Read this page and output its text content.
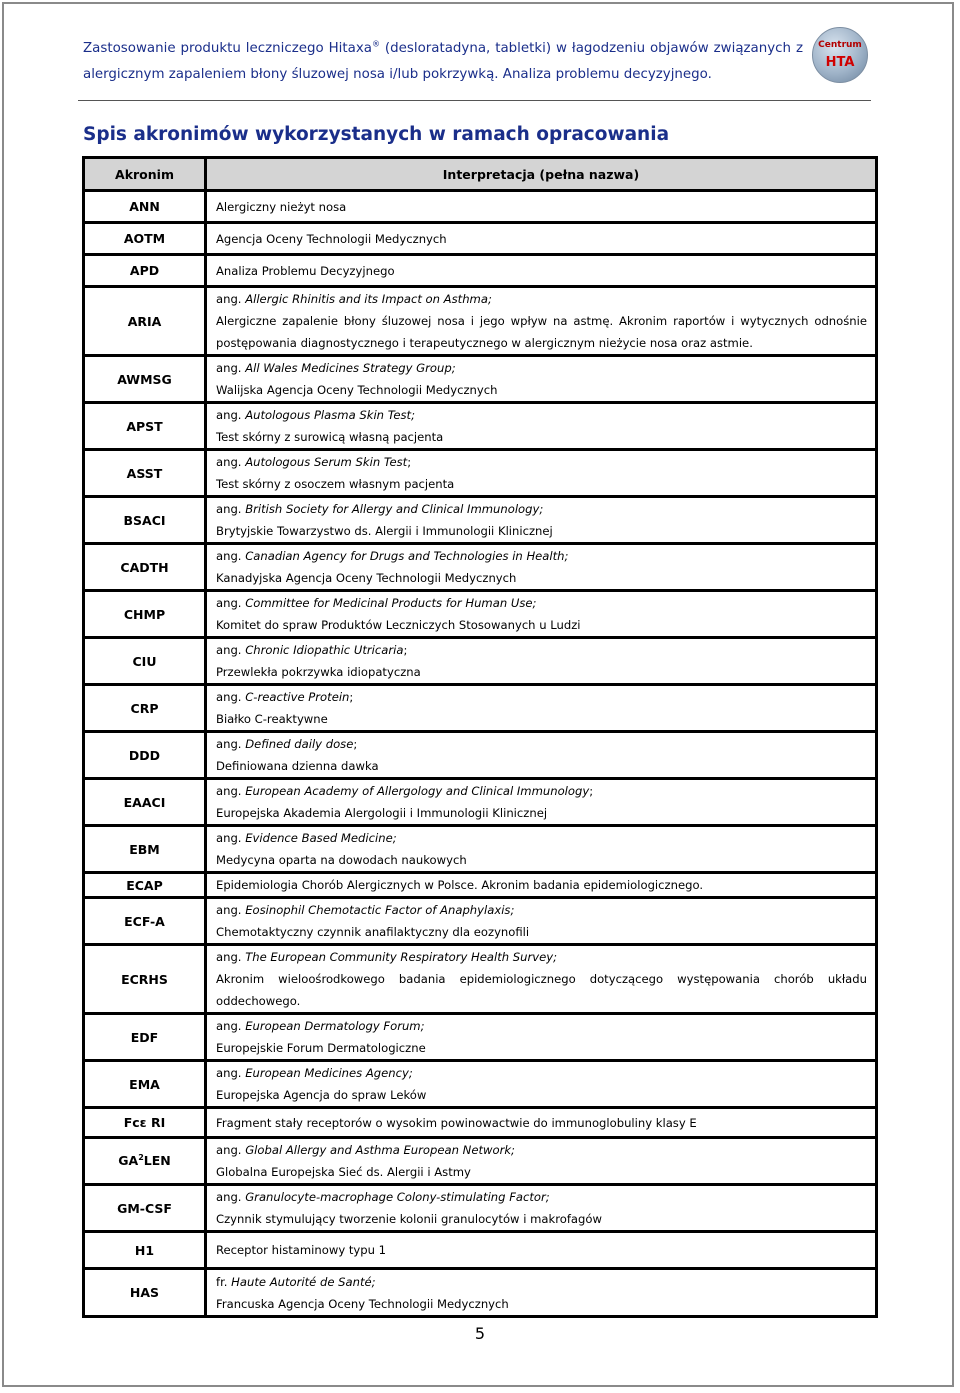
Zastosowanie produktu leczniczego Hitaxa® (desloratadyna, tabletki) w łagodzeniu objawów związanych z alergicznym zapaleniem błony śluzowej nosa i/lub pokrzywką. Analiza problemu decyzyjnego.
Centrum
HTA
Spis akronimów wykorzystanych w ramach opracowania
Akronim	Interpretacja (pełna nazwa)
ANN	Alergiczny nieżyt nosa

AOTM	Agencja Oceny Technologii Medycznych

APD	Analiza Problemu Decyzyjnego

ARIA	ang. Allergic Rhinitis and its Impact on Asthma;
Alergiczne zapalenie błony śluzowej nosa i jego wpływ na astmę. Akronim raportów i wytycznych odnośnie postępowania diagnostycznego i terapeutycznego w alergicznym nieżycie nosa oraz astmie.

AWMSG	ang. All Wales Medicines Strategy Group;
Walijska Agencja Oceny Technologii Medycznych

APST	ang. Autologous Plasma Skin Test;
Test skórny z surowicą własną pacjenta

ASST	ang. Autologous Serum Skin Test;
Test skórny z osoczem własnym pacjenta

BSACI	ang. British Society for Allergy and Clinical Immunology;
Brytyjskie Towarzystwo ds. Alergii i Immunologii Klinicznej

CADTH	ang. Canadian Agency for Drugs and Technologies in Health;
Kanadyjska Agencja Oceny Technologii Medycznych

CHMP	ang. Committee for Medicinal Products for Human Use;
Komitet do spraw Produktów Leczniczych Stosowanych u Ludzi

CIU	ang. Chronic Idiopathic Utricaria;
Przewlekła pokrzywka idiopatyczna

CRP	ang. C-reactive Protein;
Białko C-reaktywne

DDD	ang. Defined daily dose;
Definiowana dzienna dawka

EAACI	ang. European Academy of Allergology and Clinical Immunology;
Europejska Akademia Alergologii i Immunologii Klinicznej

EBM	ang. Evidence Based Medicine;
Medycyna oparta na dowodach naukowych

ECAP	Epidemiologia Chorób Alergicznych w Polsce. Akronim badania epidemiologicznego.

ECF-A	ang. Eosinophil Chemotactic Factor of Anaphylaxis;
Chemotaktyczny czynnik anafilaktyczny dla eozynofili

ECRHS	ang. The European Community Respiratory Health Survey;
Akronim wieloośrodkowego badania epidemiologicznego dotyczącego występowania chorób układu oddechowego.

EDF	ang. European Dermatology Forum;
Europejskie Forum Dermatologiczne

EMA	ang. European Medicines Agency;
Europejska Agencja do spraw Leków

Fcε RI	Fragment stały receptorów o wysokim powinowactwie do immunoglobuliny klasy E

$GA^2LEN$	ang. Global Allergy and Asthma European Network;
Globalna Europejska Sieć ds. Alergii i Astmy

GM-CSF	ang. Granulocyte-macrophage Colony-stimulating Factor;
Czynnik stymulujący tworzenie kolonii granulocytów i makrofagów

H1	Receptor histaminowy typu 1

HAS	fr. Haute Autorité de Santé;
Francuska Agencja Oceny Technologii Medycznych
5
